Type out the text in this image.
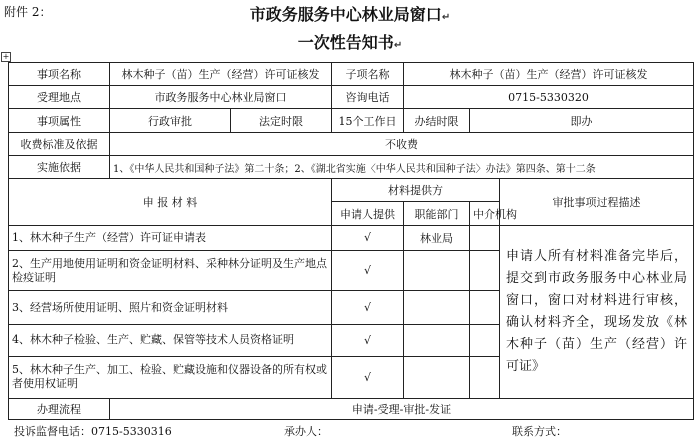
附件 2：	市政务服务中心林业局窗口↵
一次性告知书↵
+
事项名称	林木种子（苗）生产（经营）许可证核发		子项名称	林木种子（苗）生产（经营）许可证核发		
受理地点	市政务服务中心林业局窗口		咨询电话	0715-5330320		
事项属性	行政审批	法定时限	15个工作日	办结时限	即办	
收费标准及依据	不收费					
实施依据	1、《中华人民共和国种子法》第二十条；2、《湖北省实施〈中华人民共和国种子法〉办法》第四条、第十二条					
申 报 材 料			材料提供方			审批事项过程描述
			申请人提供	职能部门	中介机构	
1、林木种子生产（经营）许可证申请表			√	林业局		申请人所有材料准备完毕后，提交到市政务服务中心林业局窗口，窗口对材料进行审核，确认材料齐全，现场发放《林木种子（苗）生产（经营）许可证》
2、生产用地使用证明和资金证明材料、采种林分证明及生产地点检疫证明			√			
3、经营场所使用证明、照片和资金证明材料			√			
4、林木种子检验、生产、贮藏、保管等技术人员资格证明			√			
5、林木种子生产、加工、检验、贮藏设施和仪器设备的所有权或者使用权证明			√			
办理流程	申请-受理-审批-发证					
投诉监督电话：0715-5330316	承办人：	联系方式：
